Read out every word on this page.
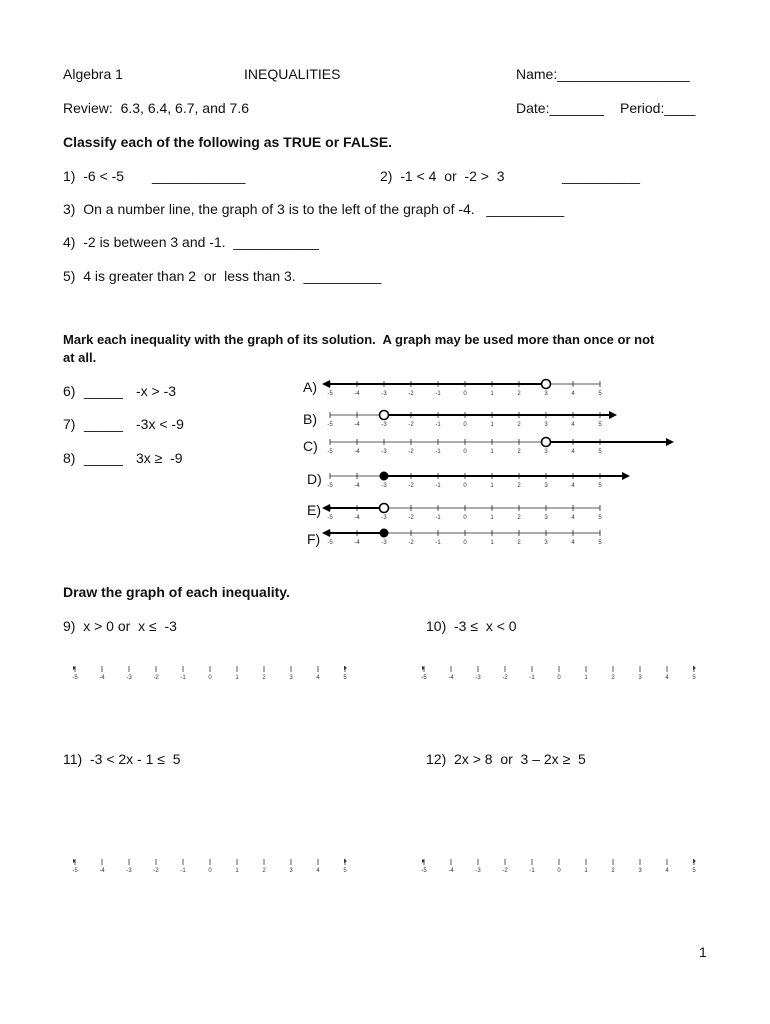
Algebra 1	INEQUALITIES	Name:_________________
Review:  6.3, 6.4, 6.7, and 7.6	Date:_______ Period:____
Classify each of the following as TRUE or FALSE.
1)  -6 < -5 ____________	2)  -1 < 4  or  -2 >  3	__________
3)  On a number line, the graph of 3 is to the left of the graph of -4.   __________
4)  -2 is between 3 and -1.  ___________
5)  4 is greater than 2  or  less than 3.  __________
Mark each inequality with the graph of its solution.  A graph may be used more than once or not
at all.
6) _____ -x > -3
7) _____ -3x < -9
8) _____ 3x ≥  -9
A)
B)
C)
D)
E)
F)
-5	-4	-3	-2	-1	0	1	2	3	4	5
-5	-4	-3	-2	-1	0	1	2	3	4	5
-5	-4	-3	-2	-1	0	1	2	3	4	5
-5	-4	-3	-2	-1	0	1	2	3	4	5
-5	-4	-3	-2	-1	0	1	2	3	4	5
-5	-4	-3	-2	-1	0	1	2	3	4	5
Draw the graph of each inequality.
9)  x > 0 or  x ≤  -3	10)  -3 ≤  x < 0
11)  -3 < 2x - 1 ≤  5	12)  2x > 8  or  3 – 2x ≥  5
-5	-4	-3	-2	-1	0	1	2	3	4	5	-5	-4	-3	-2	-1	0	1	2	3	4	5
-5	-4	-3	-2	-1	0	1	2	3	4	5	-5	-4	-3	-2	-1	0	1	2	3	4	5
1
